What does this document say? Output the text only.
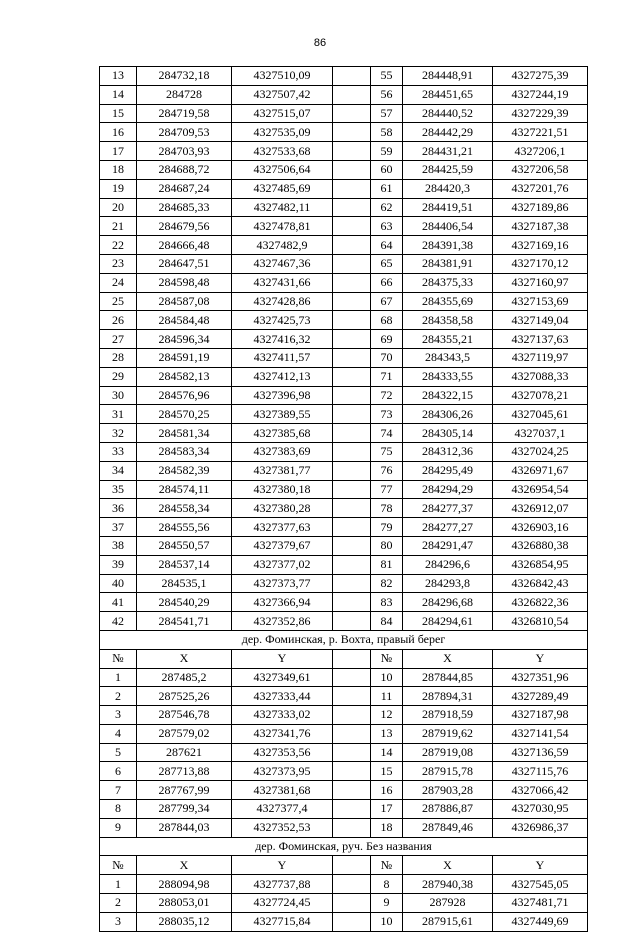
86
13	284732,18	4327510,09		55	284448,91	4327275,39
14	284728	4327507,42		56	284451,65	4327244,19
15	284719,58	4327515,07		57	284440,52	4327229,39
16	284709,53	4327535,09		58	284442,29	4327221,51
17	284703,93	4327533,68		59	284431,21	4327206,1
18	284688,72	4327506,64		60	284425,59	4327206,58
19	284687,24	4327485,69		61	284420,3	4327201,76
20	284685,33	4327482,11		62	284419,51	4327189,86
21	284679,56	4327478,81		63	284406,54	4327187,38
22	284666,48	4327482,9		64	284391,38	4327169,16
23	284647,51	4327467,36		65	284381,91	4327170,12
24	284598,48	4327431,66		66	284375,33	4327160,97
25	284587,08	4327428,86		67	284355,69	4327153,69
26	284584,48	4327425,73		68	284358,58	4327149,04
27	284596,34	4327416,32		69	284355,21	4327137,63
28	284591,19	4327411,57		70	284343,5	4327119,97
29	284582,13	4327412,13		71	284333,55	4327088,33
30	284576,96	4327396,98		72	284322,15	4327078,21
31	284570,25	4327389,55		73	284306,26	4327045,61
32	284581,34	4327385,68		74	284305,14	4327037,1
33	284583,34	4327383,69		75	284312,36	4327024,25
34	284582,39	4327381,77		76	284295,49	4326971,67
35	284574,11	4327380,18		77	284294,29	4326954,54
36	284558,34	4327380,28		78	284277,37	4326912,07
37	284555,56	4327377,63		79	284277,27	4326903,16
38	284550,57	4327379,67		80	284291,47	4326880,38
39	284537,14	4327377,02		81	284296,6	4326854,95
40	284535,1	4327373,77		82	284293,8	4326842,43
41	284540,29	4327366,94		83	284296,68	4326822,36
42	284541,71	4327352,86		84	284294,61	4326810,54
дер. Фоминская, р. Вохта, правый берег						
№	X	Y		№	X	Y
1	287485,2	4327349,61		10	287844,85	4327351,96
2	287525,26	4327333,44		11	287894,31	4327289,49
3	287546,78	4327333,02		12	287918,59	4327187,98
4	287579,02	4327341,76		13	287919,62	4327141,54
5	287621	4327353,56		14	287919,08	4327136,59
6	287713,88	4327373,95		15	287915,78	4327115,76
7	287767,99	4327381,68		16	287903,28	4327066,42
8	287799,34	4327377,4		17	287886,87	4327030,95
9	287844,03	4327352,53		18	287849,46	4326986,37
дер. Фоминская, руч. Без названия						
№	X	Y		№	X	Y
1	288094,98	4327737,88		8	287940,38	4327545,05
2	288053,01	4327724,45		9	287928	4327481,71
3	288035,12	4327715,84		10	287915,61	4327449,69
